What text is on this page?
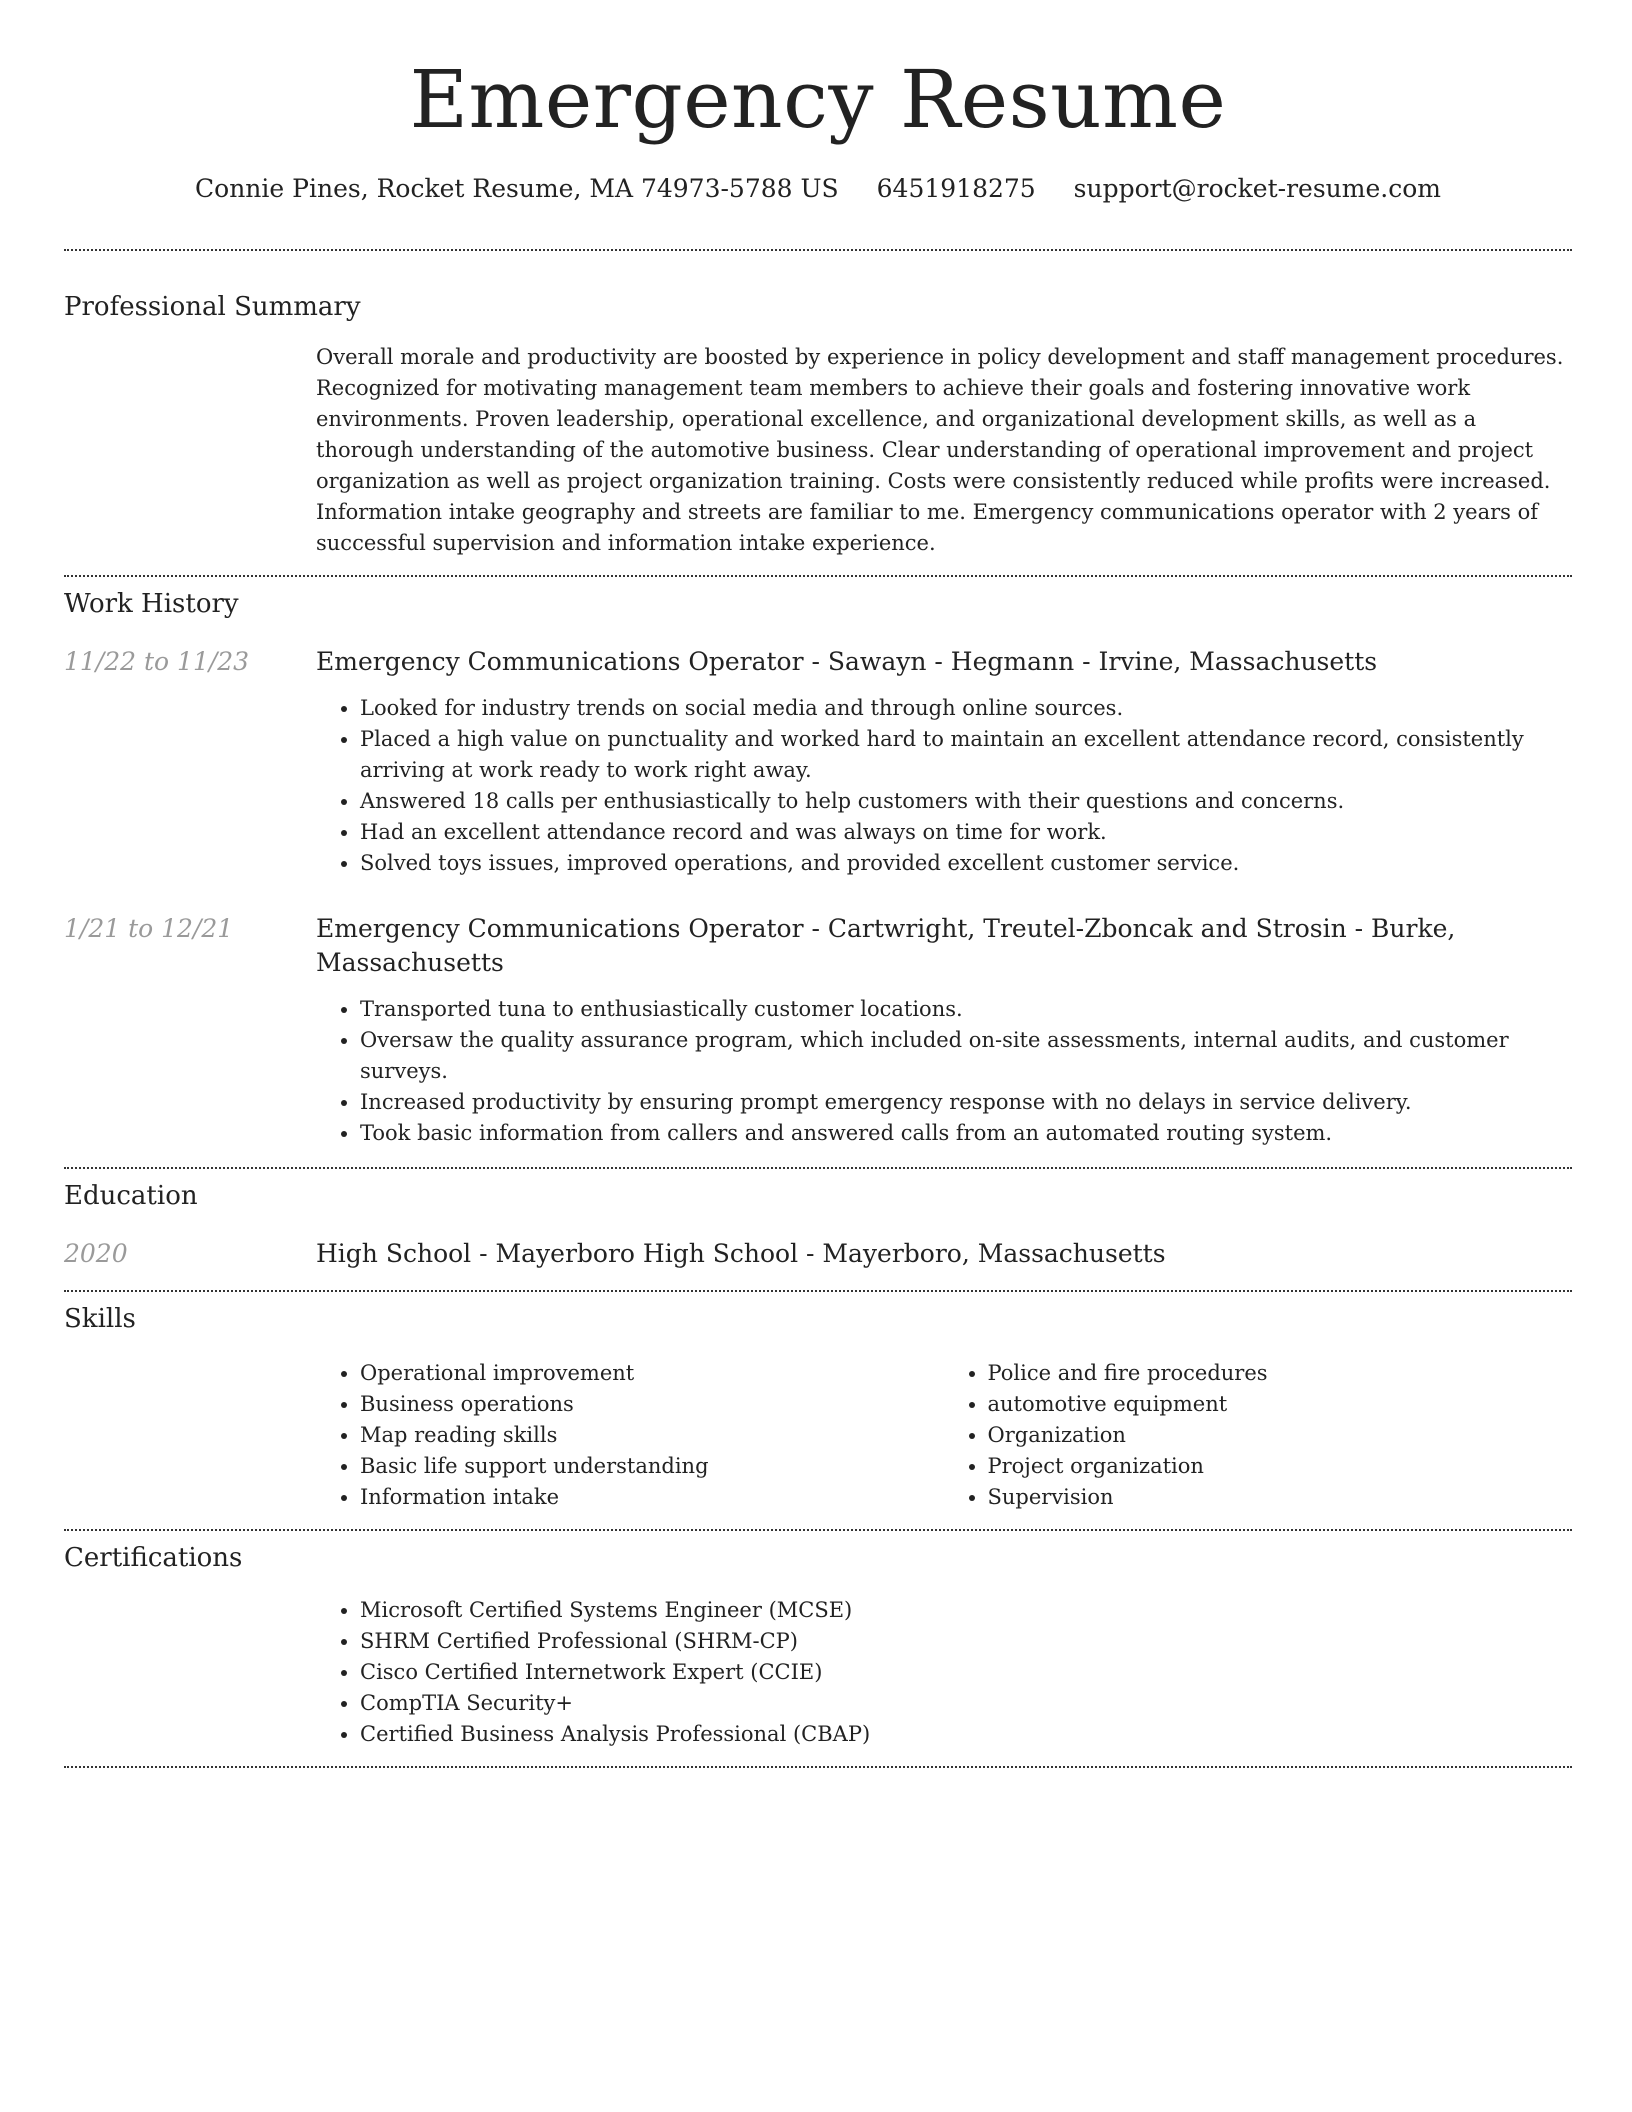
Emergency Resume
Connie Pines, Rocket Resume, MA 74973-5788 US 6451918275 support@rocket-resume.com
Professional Summary
Overall morale and productivity are boosted by experience in policy development and staff management procedures. Recognized for motivating management team members to achieve their goals and fostering innovative work environments. Proven leadership, operational excellence, and organizational development skills, as well as a thorough understanding of the automotive business. Clear understanding of operational improvement and project organization as well as project organization training. Costs were consistently reduced while profits were increased. Information intake geography and streets are familiar to me. Emergency communications operator with 2 years of successful supervision and information intake experience.
Work History
11/22 to 11/23	Emergency Communications Operator - Sawayn - Hegmann - Irvine, Massachusetts
• Looked for industry trends on social media and through online sources.
• Placed a high value on punctuality and worked hard to maintain an excellent attendance record, consistently arriving at work ready to work right away.
• Answered 18 calls per enthusiastically to help customers with their questions and concerns.
• Had an excellent attendance record and was always on time for work.
• Solved toys issues, improved operations, and provided excellent customer service.
1/21 to 12/21	Emergency Communications Operator - Cartwright, Treutel-Zboncak and Strosin - Burke, Massachusetts
• Transported tuna to enthusiastically customer locations.
• Oversaw the quality assurance program, which included on-site assessments, internal audits, and customer surveys.
• Increased productivity by ensuring prompt emergency response with no delays in service delivery.
• Took basic information from callers and answered calls from an automated routing system.
Education
2020	High School - Mayerboro High School - Mayerboro, Massachusetts
Skills
• Operational improvement
• Business operations
• Map reading skills
• Basic life support understanding
• Information intake
• Police and fire procedures
• automotive equipment
• Organization
• Project organization
• Supervision
Certifications
• Microsoft Certified Systems Engineer (MCSE)
• SHRM Certified Professional (SHRM-CP)
• Cisco Certified Internetwork Expert (CCIE)
• CompTIA Security+
• Certified Business Analysis Professional (CBAP)
